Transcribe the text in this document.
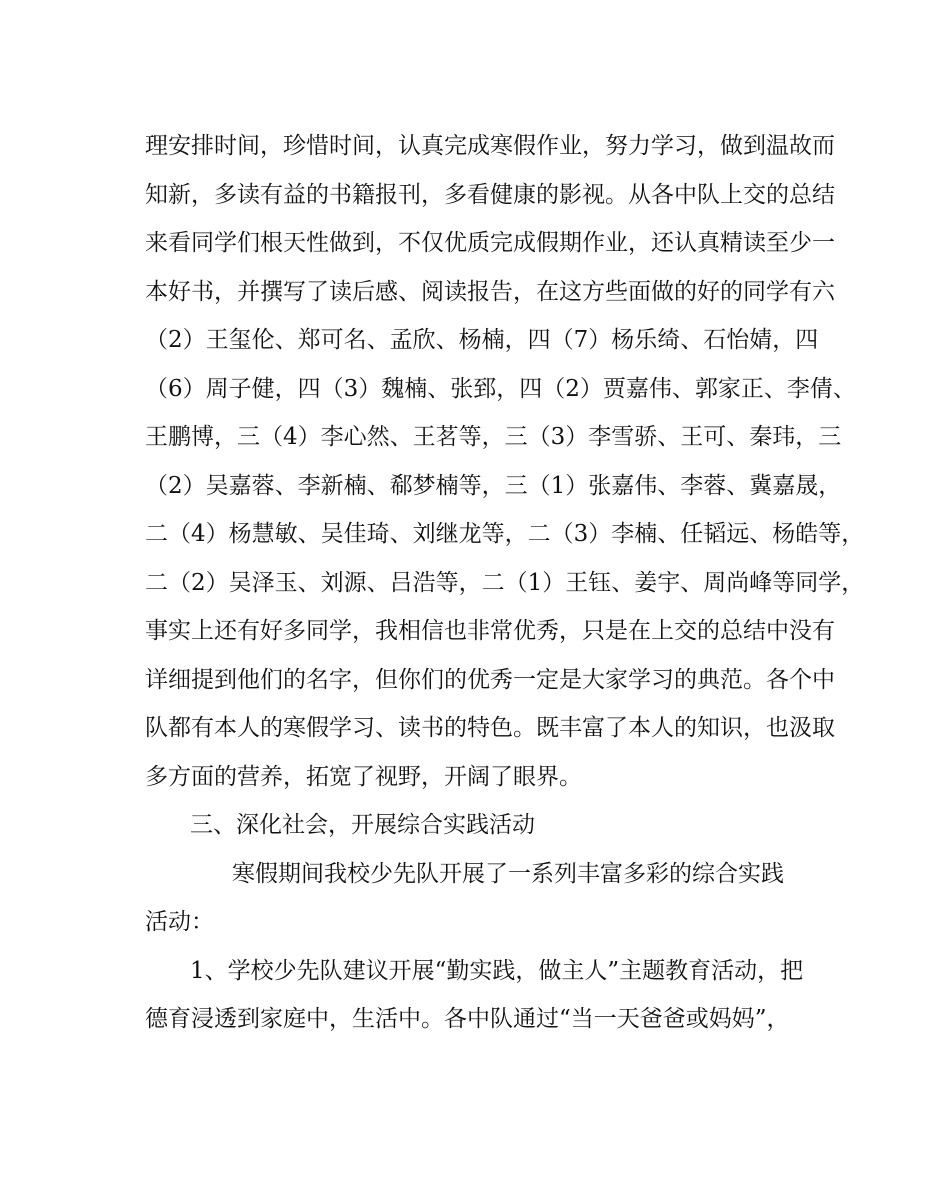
理安排时间，珍惜时间，认真完成寒假作业，努力学习，做到温故而
知新，多读有益的书籍报刊，多看健康的影视。从各中队上交的总结
来看同学们根天性做到，不仅优质完成假期作业，还认真精读至少一
本好书，并撰写了读后感、阅读报告，在这方些面做的好的同学有六
（2）王玺伦、郑可名、孟欣、杨楠，四（7）杨乐绮、石怡婧，四
（6）周子健，四（3）魏楠、张郅，四（2）贾嘉伟、郭家正、李倩、
王鹏博，三（4）李心然、王茗等，三（3）李雪骄、王可、秦玮，三
（2）吴嘉蓉、李新楠、郗梦楠等，三（1）张嘉伟、李蓉、冀嘉晟，
二（4）杨慧敏、吴佳琦、刘继龙等，二（3）李楠、任韬远、杨皓等，
二（2）吴泽玉、刘源、吕浩等，二（1）王钰、姜宇、周尚峰等同学，
事实上还有好多同学，我相信也非常优秀，只是在上交的总结中没有
详细提到他们的名字，但你们的优秀一定是大家学习的典范。各个中
队都有本人的寒假学习、读书的特色。既丰富了本人的知识，也汲取
多方面的营养，拓宽了视野，开阔了眼界。
三、深化社会，开展综合实践活动
寒假期间我校少先队开展了一系列丰富多彩的综合实践
活动：
1、学校少先队建议开展“勤实践，做主人”主题教育活动，把
德育浸透到家庭中，生活中。各中队通过“当一天爸爸或妈妈”，
